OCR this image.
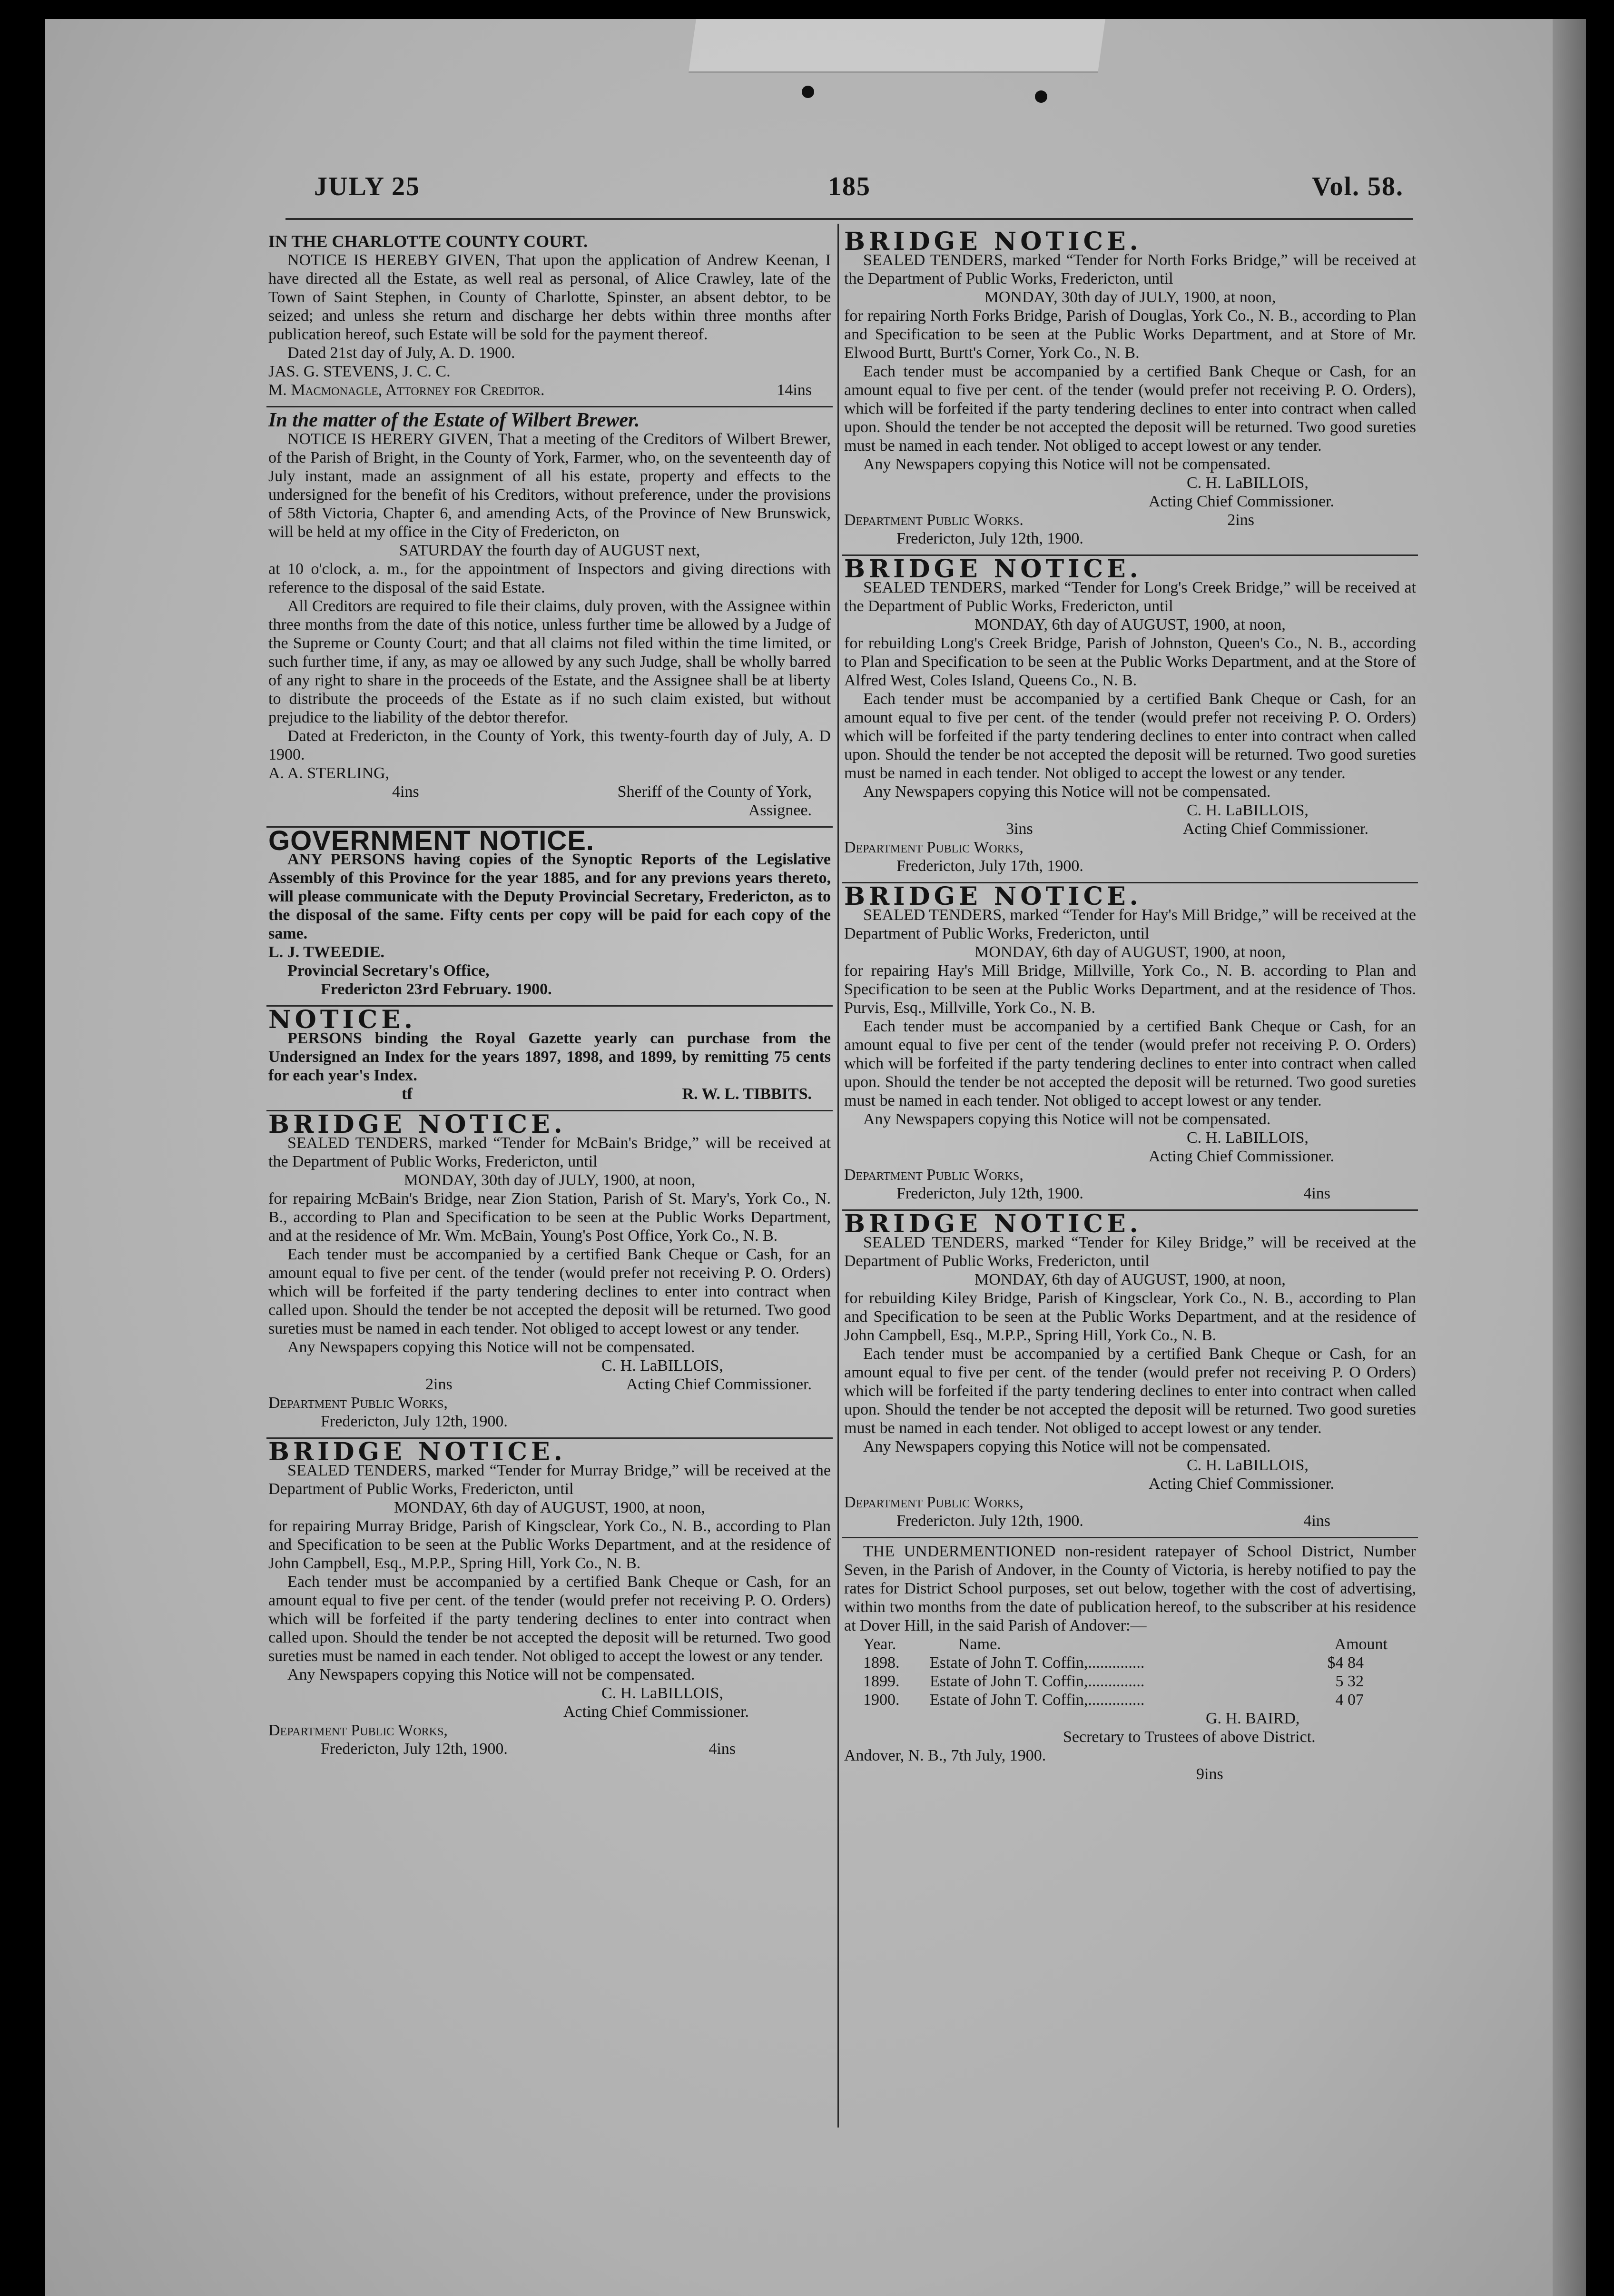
JULY 25	185	Vol. 58.

IN THE CHARLOTTE COUNTY COURT.

NOTICE IS HEREBY GIVEN, That upon the application of Andrew Keenan, I have directed all the Estate, as well real as personal, of Alice Crawley, late of the Town of Saint Stephen, in County of Charlotte, Spinster, an absent debtor, to be seized; and unless she return and discharge her debts within three months after publication hereof, such Estate will be sold for the payment thereof.

Dated 21st day of July, A. D. 1900.

JAS. G. STEVENS, J. C. C.

M. Macmonagle, Attorney for Creditor.	14ins

In the matter of the Estate of Wilbert Brewer.

NOTICE IS HERERY GIVEN, That a meeting of the Creditors of Wilbert Brewer, of the Parish of Bright, in the County of York, Farmer, who, on the seventeenth day of July instant, made an assignment of all his estate, property and effects to the undersigned for the benefit of his Creditors, without preference, under the provisions of 58th Victoria, Chapter 6, and amending Acts, of the Province of New Brunswick, will be held at my office in the City of Fredericton, on

SATURDAY the fourth day of AUGUST next,

at 10 o'clock, a. m., for the appointment of Inspectors and giving directions with reference to the disposal of the said Estate.

All Creditors are required to file their claims, duly proven, with the Assignee within three months from the date of this notice, unless further time be allowed by a Judge of the Supreme or County Court; and that all claims not filed within the time limited, or such further time, if any, as may oe allowed by any such Judge, shall be wholly barred of any right to share in the proceeds of the Estate, and the Assignee shall be at liberty to distribute the proceeds of the Estate as if no such claim existed, but without prejudice to the liability of the debtor therefor.

Dated at Fredericton, in the County of York, this twenty-fourth day of July, A. D 1900.

A. A. STERLING,

4ins	Sheriff of the County of York,

Assignee.

GOVERNMENT NOTICE.

ANY PERSONS having copies of the Synoptic Reports of the Legislative Assembly of this Province for the year 1885, and for any previons years thereto, will please communicate with the Deputy Provincial Secretary, Fredericton, as to the disposal of the same. Fifty cents per copy will be paid for each copy of the same.

L. J. TWEEDIE.

Provincial Secretary's Office,

Fredericton 23rd February. 1900.

NOTICE.

PERSONS binding the Royal Gazette yearly can purchase from the Undersigned an Index for the years 1897, 1898, and 1899, by remitting 75 cents for each year's Index.

tf	R. W. L. TIBBITS.

BRIDGE NOTICE.

SEALED TENDERS, marked “Tender for McBain's Bridge,” will be received at the Department of Public Works, Fredericton, until

MONDAY, 30th day of JULY, 1900, at noon,

for repairing McBain's Bridge, near Zion Station, Parish of St. Mary's, York Co., N. B., according to Plan and Specification to be seen at the Public Works Department, and at the residence of Mr. Wm. McBain, Young's Post Office, York Co., N. B.

Each tender must be accompanied by a certified Bank Cheque or Cash, for an amount equal to five per cent. of the tender (would prefer not receiving P. O. Orders) which will be forfeited if the party tendering declines to enter into contract when called upon. Should the tender be not accepted the deposit will be returned. Two good sureties must be named in each tender. Not obliged to accept lowest or any tender.

Any Newspapers copying this Notice will not be compensated.

C. H. LaBILLOIS,

2ins	Acting Chief Commissioner.

Department Public Works,

Fredericton, July 12th, 1900.

BRIDGE NOTICE.

SEALED TENDERS, marked “Tender for Murray Bridge,” will be received at the Department of Public Works, Fredericton, until

MONDAY, 6th day of AUGUST, 1900, at noon,

for repairing Murray Bridge, Parish of Kingsclear, York Co., N. B., according to Plan and Specification to be seen at the Public Works Department, and at the residence of John Campbell, Esq., M.P.P., Spring Hill, York Co., N. B.

Each tender must be accompanied by a certified Bank Cheque or Cash, for an amount equal to five per cent. of the tender (would prefer not receiving P. O. Orders) which will be forfeited if the party tendering declines to enter into contract when called upon. Should the tender be not accepted the deposit will be returned. Two good sureties must be named in each tender. Not obliged to accept the lowest or any tender.

Any Newspapers copying this Notice will not be compensated.

C. H. LaBILLOIS,

Acting Chief Commissioner.

Department Public Works,

Fredericton, July 12th, 1900.	4ins

BRIDGE NOTICE.

SEALED TENDERS, marked “Tender for North Forks Bridge,” will be received at the Department of Public Works, Fredericton, until

MONDAY, 30th day of JULY, 1900, at noon,

for repairing North Forks Bridge, Parish of Douglas, York Co., N. B., according to Plan and Specification to be seen at the Public Works Department, and at Store of Mr. Elwood Burtt, Burtt's Corner, York Co., N. B.

Each tender must be accompanied by a certified Bank Cheque or Cash, for an amount equal to five per cent. of the tender (would prefer not receiving P. O. Orders), which will be forfeited if the party tendering declines to enter into contract when called upon. Should the tender be not accepted the deposit will be returned. Two good sureties must be named in each tender. Not obliged to accept lowest or any tender.

Any Newspapers copying this Notice will not be compensated.

C. H. LaBILLOIS,

Acting Chief Commissioner.

Department Public Works.	2ins

Fredericton, July 12th, 1900.

BRIDGE NOTICE.

SEALED TENDERS, marked “Tender for Long's Creek Bridge,” will be received at the Department of Public Works, Fredericton, until

MONDAY, 6th day of AUGUST, 1900, at noon,

for rebuilding Long's Creek Bridge, Parish of Johnston, Queen's Co., N. B., according to Plan and Specification to be seen at the Public Works Department, and at the Store of Alfred West, Coles Island, Queens Co., N. B.

Each tender must be accompanied by a certified Bank Cheque or Cash, for an amount equal to five per cent. of the tender (would prefer not receiving P. O. Orders) which will be forfeited if the party tendering declines to enter into contract when called upon. Should the tender be not accepted the deposit will be returned. Two good sureties must be named in each tender. Not obliged to accept the lowest or any tender.

Any Newspapers copying this Notice will not be compensated.

C. H. LaBILLOIS,

3ins	Acting Chief Commissioner.

Department Public Works,

Fredericton, July 17th, 1900.

BRIDGE NOTICE.

SEALED TENDERS, marked “Tender for Hay's Mill Bridge,” will be received at the Department of Public Works, Fredericton, until

MONDAY, 6th day of AUGUST, 1900, at noon,

for repairing Hay's Mill Bridge, Millville, York Co., N. B. according to Plan and Specification to be seen at the Public Works Department, and at the residence of Thos. Purvis, Esq., Millville, York Co., N. B.

Each tender must be accompanied by a certified Bank Cheque or Cash, for an amount equal to five per cent of the tender (would prefer not receiving P. O. Orders) which will be forfeited if the party tendering declines to enter into contract when called upon. Should the tender be not accepted the deposit will be returned. Two good sureties must be named in each tender. Not obliged to accept lowest or any tender.

Any Newspapers copying this Notice will not be compensated.

C. H. LaBILLOIS,

Acting Chief Commissioner.

Department Public Works,

Fredericton, July 12th, 1900.	4ins

BRIDGE NOTICE.

SEALED TENDERS, marked “Tender for Kiley Bridge,” will be received at the Department of Public Works, Fredericton, until

MONDAY, 6th day of AUGUST, 1900, at noon,

for rebuilding Kiley Bridge, Parish of Kingsclear, York Co., N. B., according to Plan and Specification to be seen at the Public Works Department, and at the residence of John Campbell, Esq., M.P.P., Spring Hill, York Co., N. B.

Each tender must be accompanied by a certified Bank Cheque or Cash, for an amount equal to five per cent. of the tender (would prefer not receiving P. O Orders) which will be forfeited if the party tendering declines to enter into contract when called upon. Should the tender be not accepted the deposit will be returned. Two good sureties must be named in each tender. Not obliged to accept lowest or any tender.

Any Newspapers copying this Notice will not be compensated.

C. H. LaBILLOIS,

Acting Chief Commissioner.

Department Public Works,

Fredericton. July 12th, 1900.	4ins

THE UNDERMENTIONED non-resident ratepayer of School District, Number Seven, in the Parish of Andover, in the County of Victoria, is hereby notified to pay the rates for District School purposes, set out below, together with the cost of advertising, within two months from the date of publication hereof, to the subscriber at his residence at Dover Hill, in the said Parish of Andover:—

Year.	Name.	Amount
1898.	Estate of John T. Coffin,..............	$4 84
1899.	Estate of John T. Coffin,..............	5 32
1900.	Estate of John T. Coffin,..............	4 07

G. H. BAIRD,

Secretary to Trustees of above District.

Andover, N. B., 7th July, 1900.

9ins
